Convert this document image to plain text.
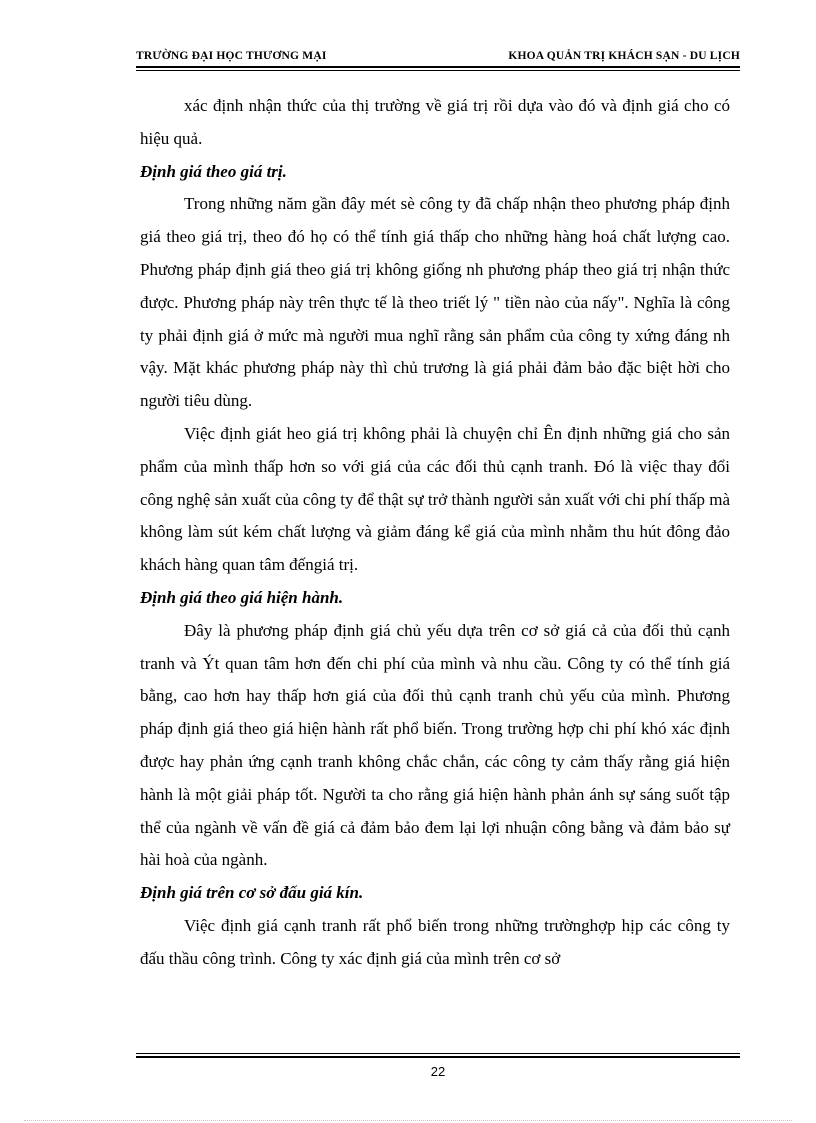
TRƯỜNG ĐẠI HỌC THƯƠNG MẠI	KHOA QUẢN TRỊ KHÁCH SẠN - DU LỊCH

xác định nhận thức của thị trường về giá trị rồi dựa vào đó và định giá cho có hiệu quả.

Định giá theo giá trị.

Trong những năm gần đây mét sè công ty đã chấp nhận theo phương pháp định giá theo giá trị, theo đó họ có thể tính giá thấp cho những hàng hoá chất lượng cao. Phương pháp định giá theo giá trị không giống nh phương pháp theo giá trị nhận thức được. Phương pháp này trên thực tế là theo triết lý " tiền nào của nấy". Nghĩa là công ty phải định giá ở mức mà người mua nghĩ rằng sản phẩm của công ty xứng đáng nh vậy. Mặt khác phương pháp này thì chủ trương là giá phải đảm bảo đặc biệt hời cho người tiêu dùng.

Việc định giát heo giá trị không phải là chuyện chỉ Ên định những giá cho sản phẩm của mình thấp hơn so với giá của các đối thủ cạnh tranh. Đó là việc thay đổi công nghệ sản xuất của công ty để thật sự trở thành người sản xuất với chi phí thấp mà không làm sút kém chất lượng và giảm đáng kể giá của mình nhằm thu hút đông đảo khách hàng quan tâm đếngiá trị.

Định giá theo giá hiện hành.

Đây là phương pháp định giá chủ yếu dựa trên cơ sở giá cả của đối thủ cạnh tranh và Ýt quan tâm hơn đến chi phí của mình và nhu cầu. Công ty có thể tính giá bằng, cao hơn hay thấp hơn giá của đối thủ cạnh tranh chủ yếu của mình. Phương pháp định giá theo giá hiện hành rất phổ biến. Trong trường hợp chi phí khó xác định được hay phản ứng cạnh tranh không chắc chắn, các công ty cảm thấy rằng giá hiện hành là một giải pháp tốt. Người ta cho rằng giá hiện hành phản ánh sự sáng suốt tập thể của ngành về vấn đề giá cả đảm bảo đem lại lợi nhuận công bằng và đảm bảo sự hài hoà của ngành.

Định giá trên cơ sở đấu giá kín.

Việc định giá cạnh tranh rất phổ biến trong những trườnghợp hịp các công ty đấu thầu công trình. Công ty xác định giá của mình trên cơ sở

22
